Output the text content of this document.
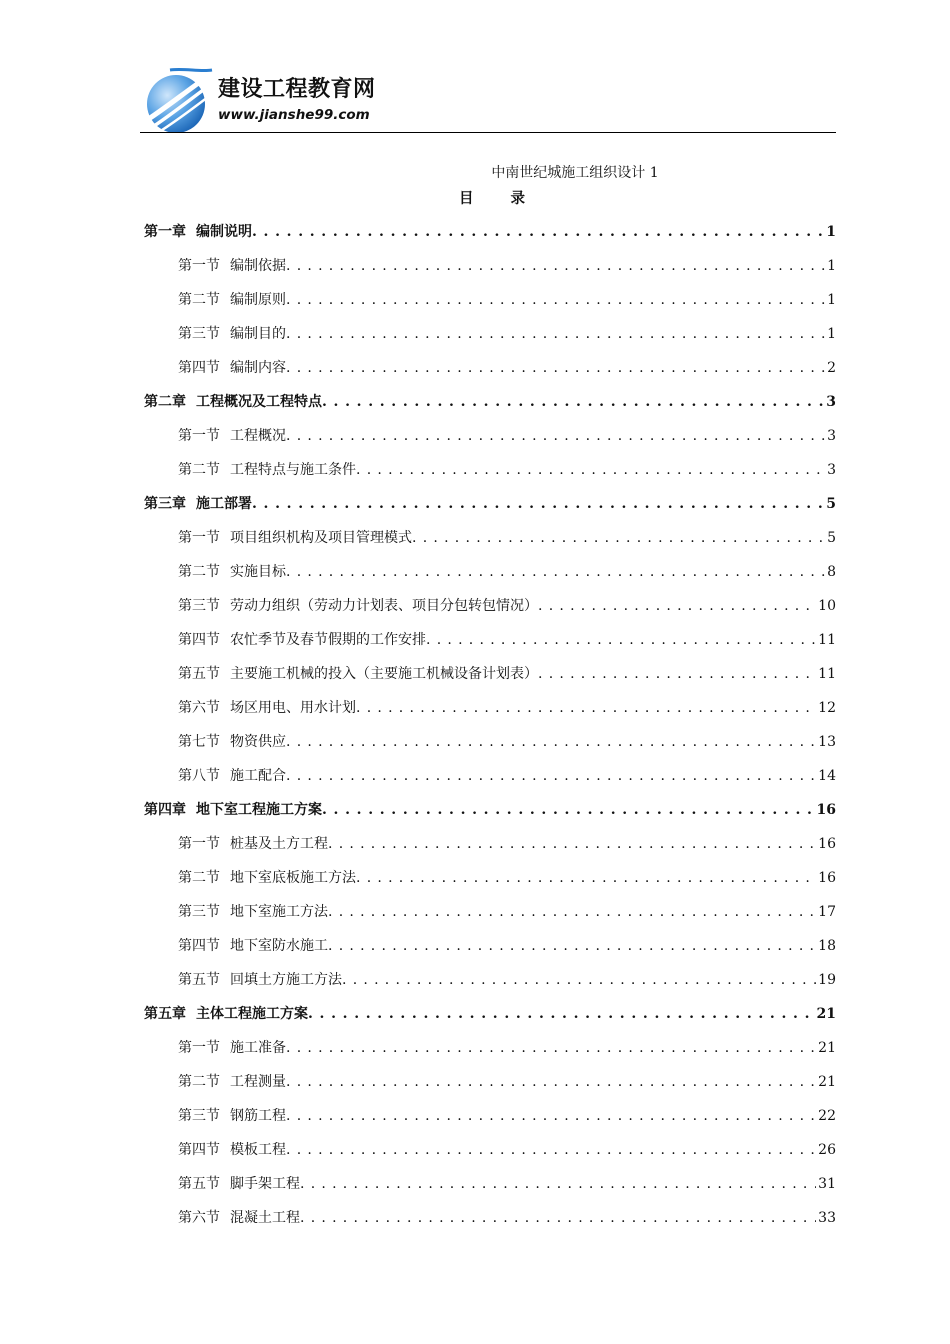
建设工程教育网
www.jianshe99.com
中南世纪城施工组织设计 1
目 录
第一章 编制说明 . . .	1
第一节 编制依据 . . .	1
第二节 编制原则 . . .	1
第三节 编制目的 . . .	1
第四节 编制内容 . . .	2
第二章 工程概况及工程特点 . . .	3
第一节 工程概况 . . .	3
第二节 工程特点与施工条件 . . .	3
第三章 施工部署 . . .	5
第一节 项目组织机构及项目管理模式 . . .	5
第二节 实施目标 . . .	8
第三节 劳动力组织（劳动力计划表、项目分包转包情况） . . .	10
第四节 农忙季节及春节假期的工作安排 . . .	11
第五节 主要施工机械的投入（主要施工机械设备计划表） . . .	11
第六节 场区用电、用水计划 . . .	12
第七节 物资供应 . . .	13
第八节 施工配合 . . .	14
第四章 地下室工程施工方案 . . .	16
第一节 桩基及土方工程 . . .	16
第二节 地下室底板施工方法 . . .	16
第三节 地下室施工方法 . . .	17
第四节 地下室防水施工 . . .	18
第五节 回填土方施工方法 . . .	19
第五章 主体工程施工方案 . . .	21
第一节 施工准备 . . .	21
第二节 工程测量 . . .	21
第三节 钢筋工程 . . .	22
第四节 模板工程 . . .	26
第五节 脚手架工程 . . .	31
第六节 混凝土工程 . . .	33
